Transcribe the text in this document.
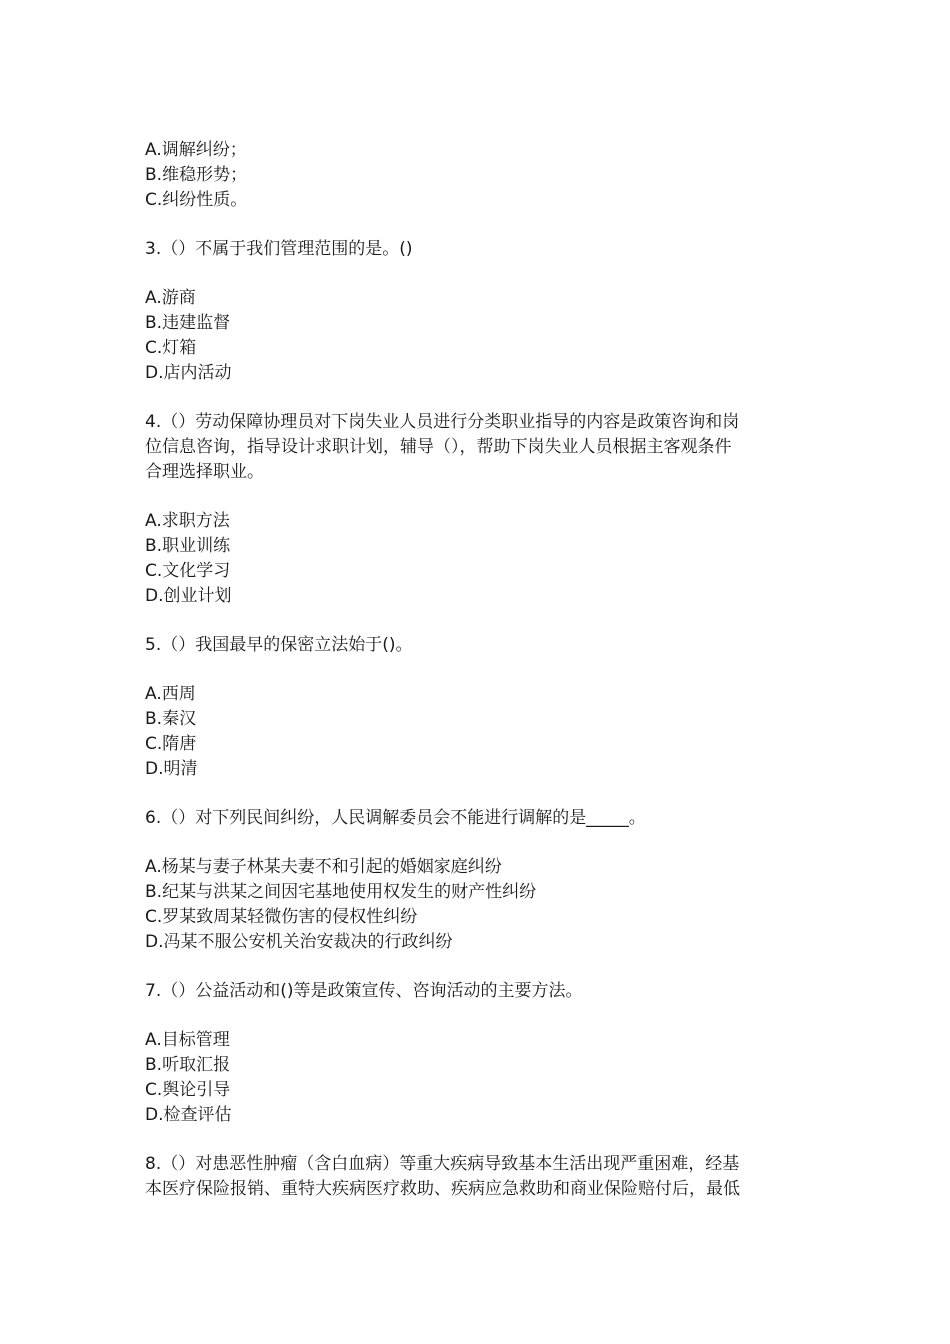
A.调解纠纷；
B.维稳形势；
C.纠纷性质。
3.（）不属于我们管理范围的是。()
A.游商
B.违建监督
C.灯箱
D.店内活动
4.（）劳动保障协理员对下岗失业人员进行分类职业指导的内容是政策咨询和岗
位信息咨询，指导设计求职计划，辅导（），帮助下岗失业人员根据主客观条件
合理选择职业。
A.求职方法
B.职业训练
C.文化学习
D.创业计划
5.（）我国最早的保密立法始于()。
A.西周
B.秦汉
C.隋唐
D.明清
6.（）对下列民间纠纷，人民调解委员会不能进行调解的是_____。
A.杨某与妻子林某夫妻不和引起的婚姻家庭纠纷
B.纪某与洪某之间因宅基地使用权发生的财产性纠纷
C.罗某致周某轻微伤害的侵权性纠纷
D.冯某不服公安机关治安裁决的行政纠纷
7.（）公益活动和()等是政策宣传、咨询活动的主要方法。
A.目标管理
B.听取汇报
C.舆论引导
D.检查评估
8.（）对患恶性肿瘤（含白血病）等重大疾病导致基本生活出现严重困难，经基
本医疗保险报销、重特大疾病医疗救助、疾病应急救助和商业保险赔付后，最低
